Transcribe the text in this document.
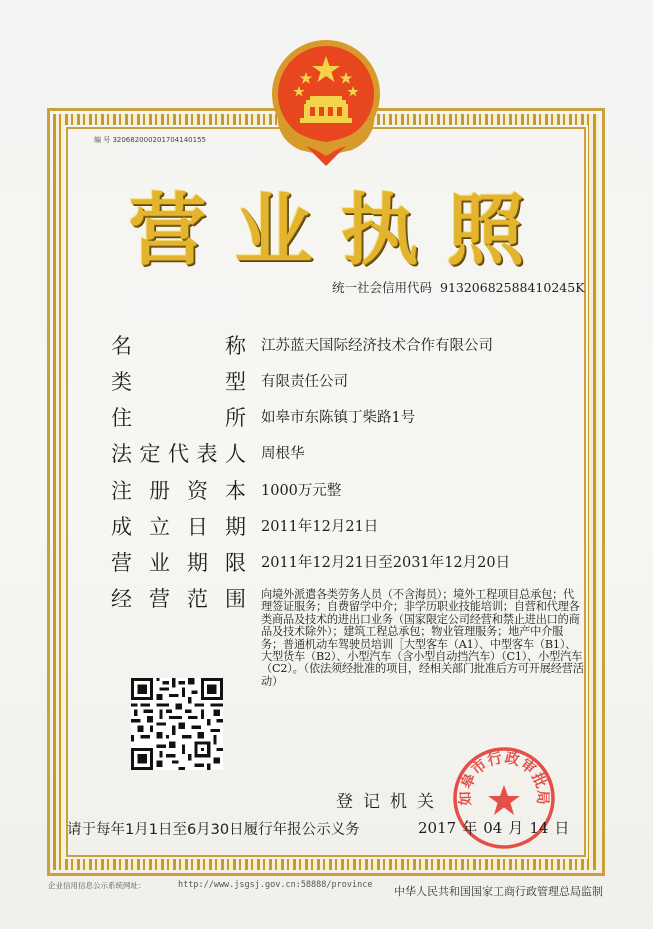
编 号 320682000201704140155
营业执照
统一社会信用代码 91320682588410245K
名	称 江苏蓝天国际经济技术合作有限公司
类	型 有限责任公司
住	所 如皋市东陈镇丁柴路1号
法 定 代 表 人 周根华
注 册 资 本 1000万元整
成 立 日 期 2011年12月21日
营 业 期 限 2011年12月21日至2031年12月20日
经 营 范 围 向境外派遣各类劳务人员（不含海员）；境外工程项目总承包；代理签证服务；自费留学中介；非学历职业技能培训；自营和代理各类商品及技术的进出口业务（国家限定公司经营和禁止进出口的商品及技术除外）；建筑工程总承包；物业管理服务；地产中介服务；普通机动车驾驶员培训［大型客车（A1）、中型客车（B1）、大型货车（B2）、小型汽车（含小型自动挡汽车）（C1）、小型汽车（C2）。（依法须经批准的项目，经相关部门批准后方可开展经营活动）
登记机关 如皋市行政审批局
请于每年1月1日至6月30日履行年报公示义务	2017 年 04 月 14 日
企业信用信息公示系统网址：	http://www.jsgsj.gov.cn:58888/province 中华人民共和国国家工商行政管理总局监制
